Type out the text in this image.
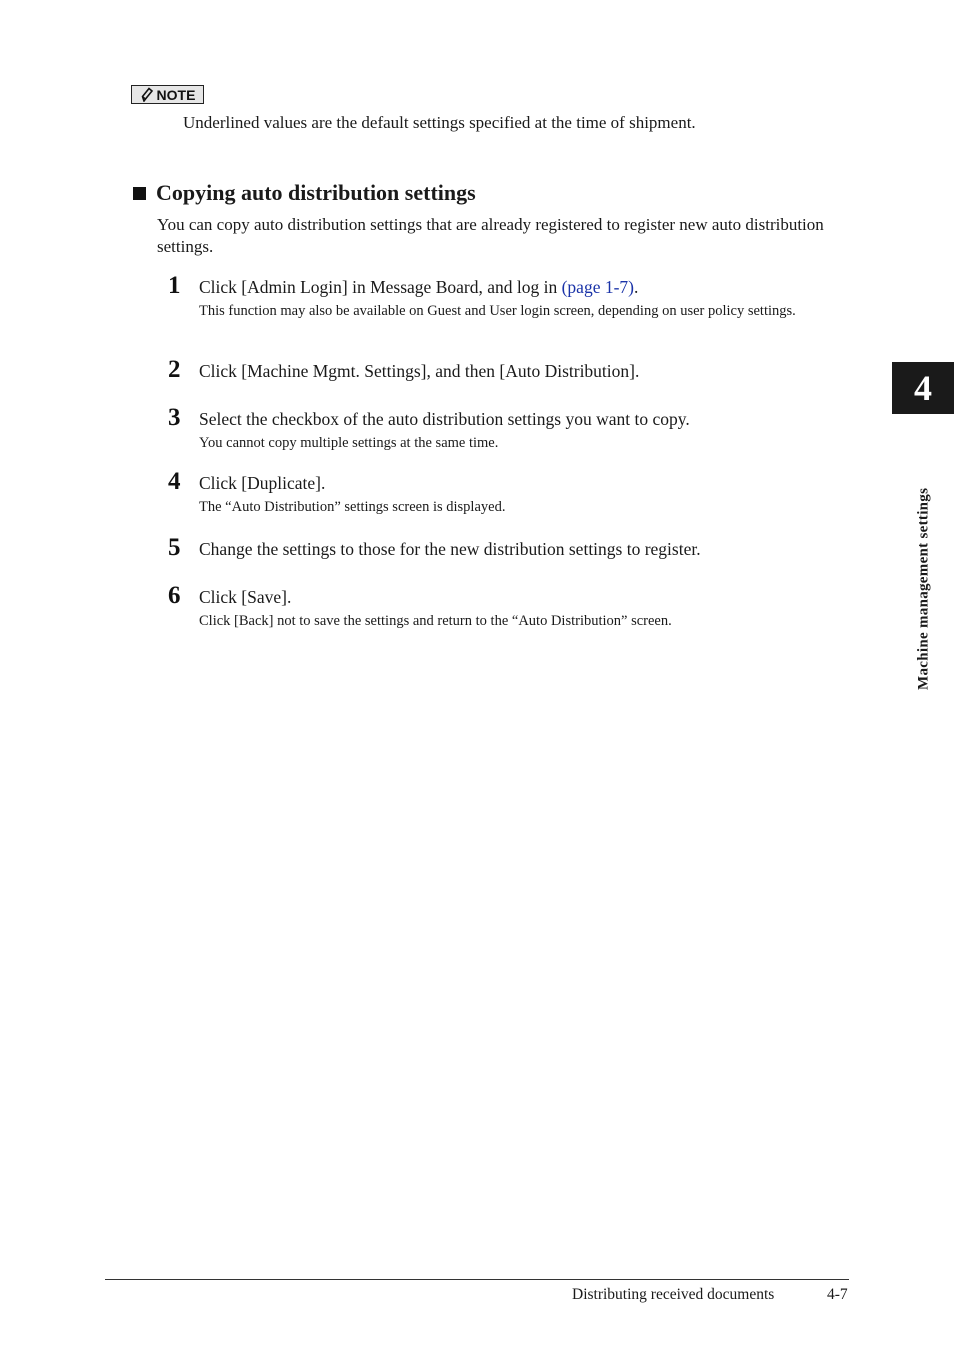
NOTE
Underlined values are the default settings specified at the time of shipment.
Copying auto distribution settings
You can copy auto distribution settings that are already registered to register new auto distribution settings.
1	Click [Admin Login] in Message Board, and log in (page 1-7).
This function may also be available on Guest and User login screen, depending on user policy settings.
2	Click [Machine Mgmt. Settings], and then [Auto Distribution].
3	Select the checkbox of the auto distribution settings you want to copy.
You cannot copy multiple settings at the same time.
4	Click [Duplicate].
The “Auto Distribution” settings screen is displayed.
5	Change the settings to those for the new distribution settings to register.
6	Click [Save].
Click [Back] not to save the settings and return to the “Auto Distribution” screen.
4
Machine management settings
Distributing received documents	4-7
